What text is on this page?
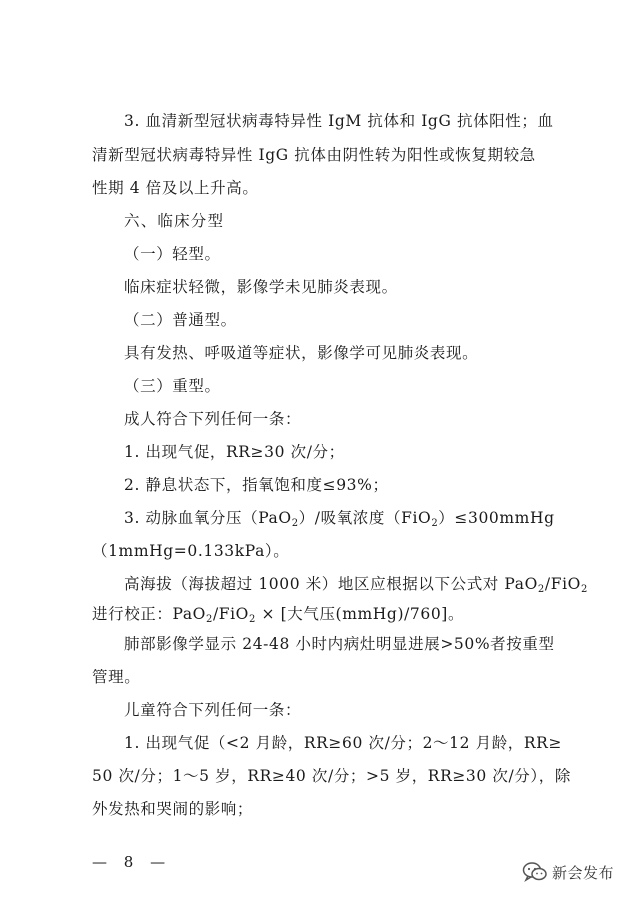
3. 血清新型冠状病毒特异性 IgM 抗体和 IgG 抗体阳性；血
清新型冠状病毒特异性 IgG 抗体由阴性转为阳性或恢复期较急
性期 4 倍及以上升高。
六、临床分型
（一）轻型。
临床症状轻微，影像学未见肺炎表现。
（二）普通型。
具有发热、呼吸道等症状，影像学可见肺炎表现。
（三）重型。
成人符合下列任何一条：
1. 出现气促，RR≥30 次/分；
2. 静息状态下，指氧饱和度≤93%；
3. 动脉血氧分压（PaO$_2$）/吸氧浓度（FiO$_2$）≤300mmHg
（1mmHg=0.133kPa）。
高海拔（海拔超过 1000 米）地区应根据以下公式对 PaO$_2$/FiO$_2$
进行校正：PaO$_2$/FiO$_2$ × [大气压(mmHg)/760]。
肺部影像学显示 24-48 小时内病灶明显进展>50%者按重型
管理。
儿童符合下列任何一条：
1. 出现气促（<2 月龄，RR≥60 次/分；2～12 月龄，RR≥
50 次/分；1～5 岁，RR≥40 次/分；>5 岁，RR≥30 次/分），除
外发热和哭闹的影响；
— 8 —
新会发布
